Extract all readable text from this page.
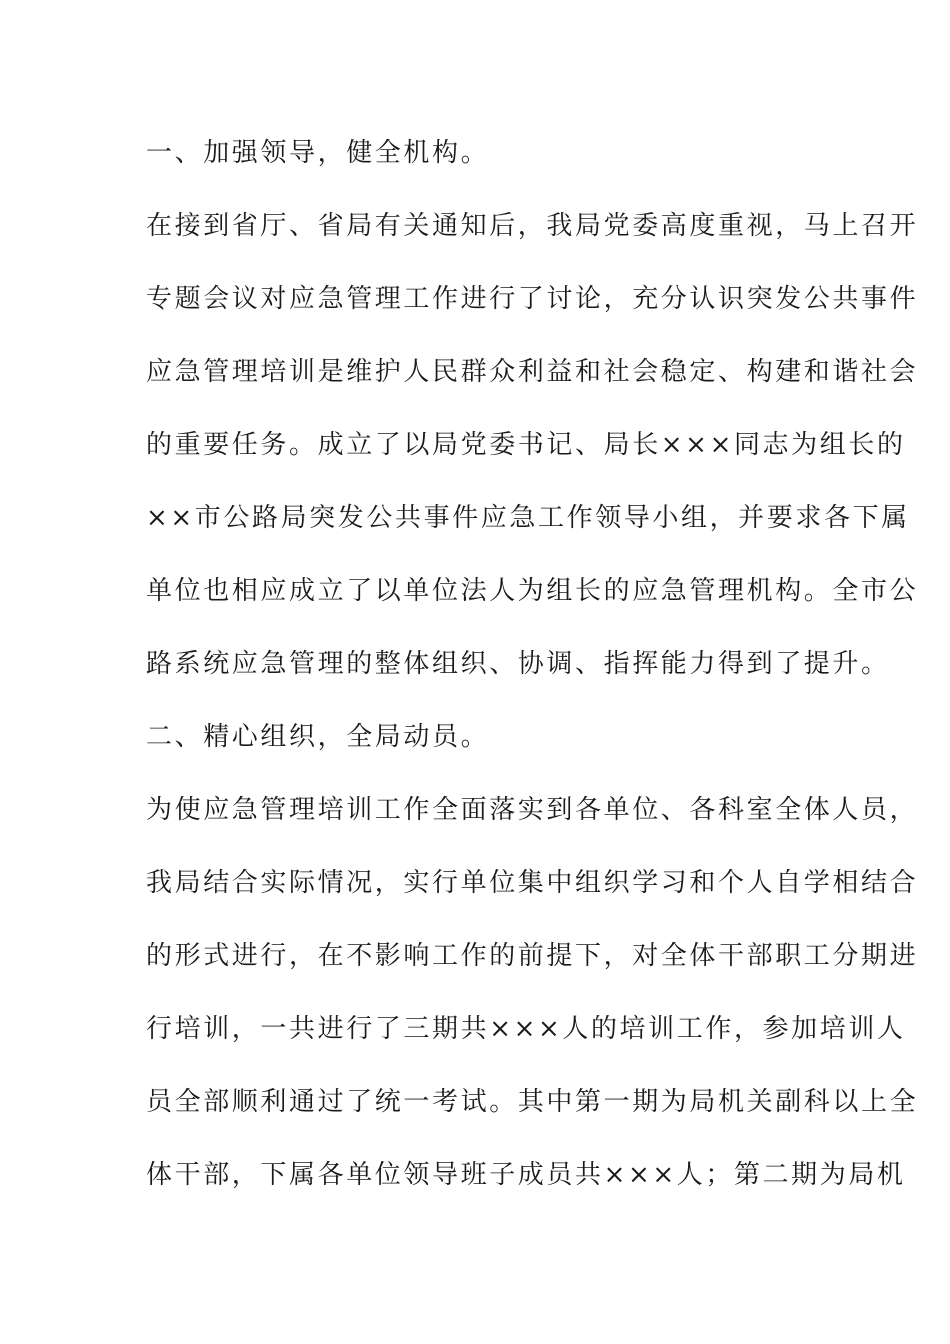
一、加强领导，健全机构。
在接到省厅、省局有关通知后，我局党委高度重视，马上召开
专题会议对应急管理工作进行了讨论，充分认识突发公共事件
应急管理培训是维护人民群众利益和社会稳定、构建和谐社会
的重要任务。成立了以局党委书记、局长×××同志为组长的
××市公路局突发公共事件应急工作领导小组，并要求各下属
单位也相应成立了以单位法人为组长的应急管理机构。全市公
路系统应急管理的整体组织、协调、指挥能力得到了提升。
二、精心组织，全局动员。
为使应急管理培训工作全面落实到各单位、各科室全体人员，
我局结合实际情况，实行单位集中组织学习和个人自学相结合
的形式进行，在不影响工作的前提下，对全体干部职工分期进
行培训，一共进行了三期共×××人的培训工作，参加培训人
员全部顺利通过了统一考试。其中第一期为局机关副科以上全
体干部，下属各单位领导班子成员共×××人；第二期为局机
